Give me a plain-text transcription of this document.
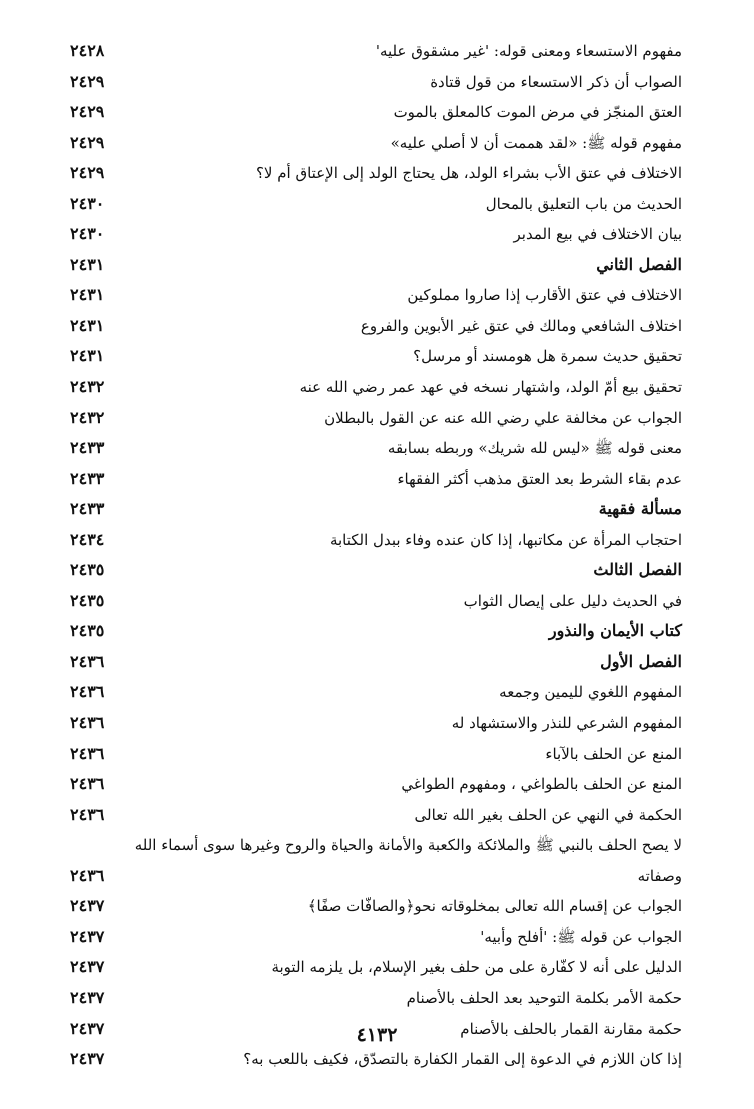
مفهوم الاستسعاء ومعنى قوله: 'غير مشقوق عليه'
٢٤٢٨
الصواب أن ذكر الاستسعاء من قول قتادة
٢٤٢٩
العتق المنجّز في مرض الموت كالمعلق بالموت
٢٤٢٩
مفهوم قوله ﷺ: «لقد هممت أن لا أصلي عليه»
٢٤٢٩
الاختلاف في عتق الأب بشراء الولد، هل يحتاج الولد إلى الإعتاق أم لا؟
٢٤٢٩
الحديث من باب التعليق بالمحال
٢٤٣٠
بيان الاختلاف في بيع المدبر
٢٤٣٠
الفصل الثاني
٢٤٣١
الاختلاف في عتق الأقارب إذا صاروا مملوكين
٢٤٣١
اختلاف الشافعي ومالك في عتق غير الأبوين والفروع
٢٤٣١
تحقيق حديث سمرة هل هومسند أو مرسل؟
٢٤٣١
تحقيق بيع أمّ الولد، واشتهار نسخه في عهد عمر رضي الله عنه
٢٤٣٢
الجواب عن مخالفة علي رضي الله عنه عن القول بالبطلان
٢٤٣٢
معنى قوله ﷺ «ليس لله شريك» وربطه بسابقه
٢٤٣٣
عدم بقاء الشرط بعد العتق مذهب أكثر الفقهاء
٢٤٣٣
مسألة فقهية
٢٤٣٣
احتجاب المرأة عن مكاتبها، إذا كان عنده وفاء ببدل الكتابة
٢٤٣٤
الفصل الثالث
٢٤٣٥
في الحديث دليل على إيصال الثواب
٢٤٣٥
كتاب الأيمان والنذور
٢٤٣٥
الفصل الأول
٢٤٣٦
المفهوم اللغوي لليمين وجمعه
٢٤٣٦
المفهوم الشرعي للنذر والاستشهاد له
٢٤٣٦
المنع عن الحلف بالآباء
٢٤٣٦
المنع عن الحلف بالطواغي ، ومفهوم الطواغي
٢٤٣٦
الحكمة في النهي عن الحلف بغير الله تعالى
٢٤٣٦
لا يصح الحلف بالنبي ﷺ والملائكة والكعبة والأمانة والحياة والروح وغيرها سوى أسماء الله وصفاته
٢٤٣٦
الجواب عن إقسام الله تعالى بمخلوقاته نحو﴿والصافّات صفًا﴾
٢٤٣٧
الجواب عن قوله ﷺ: 'أفلح وأبيه'
٢٤٣٧
الدليل على أنه لا كفّارة على من حلف بغير الإسلام، بل يلزمه التوبة
٢٤٣٧
حكمة الأمر بكلمة التوحيد بعد الحلف بالأصنام
٢٤٣٧
حكمة مقارنة القمار بالحلف بالأصنام
٢٤٣٧
إذا كان اللازم في الدعوة إلى القمار الكفارة بالتصدّق، فكيف باللعب به؟
٢٤٣٧
٤١٣٢
